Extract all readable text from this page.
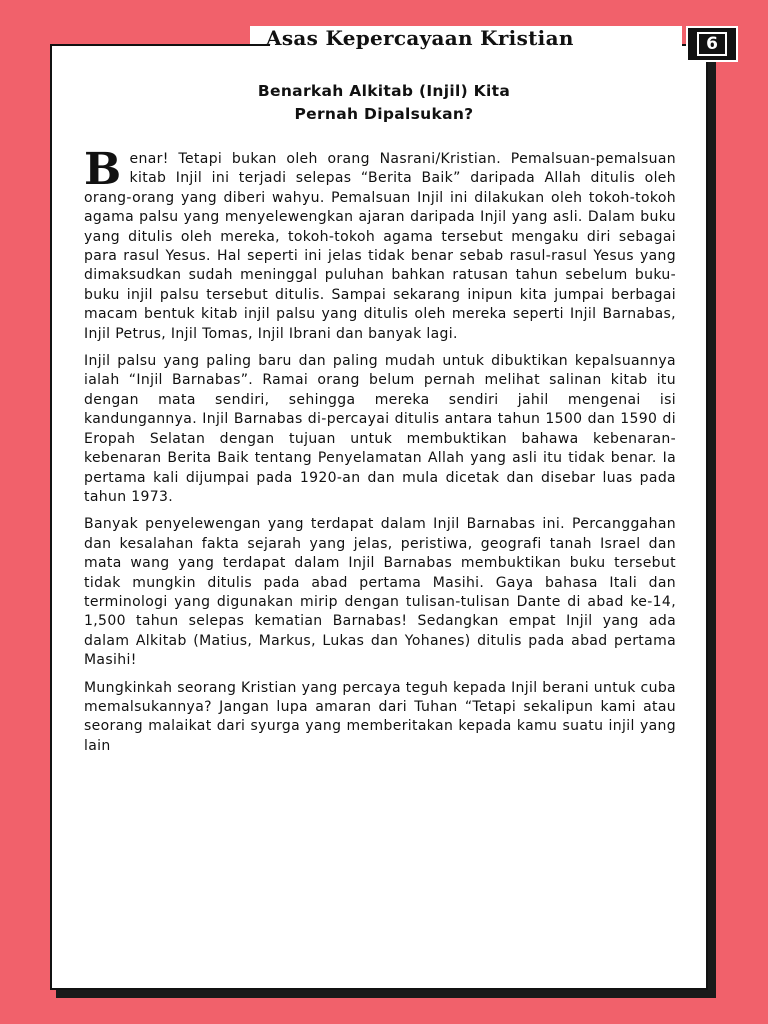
Asas Kepercayaan Kristian	6
Benarkah Alkitab (Injil) Kita
Pernah Dipalsukan?

B enar! Tetapi bukan oleh orang Nasrani/Kristian. Pemalsuan-pemalsuan kitab Injil ini terjadi selepas “Berita Baik” daripada Allah ditulis oleh orang-orang yang diberi wahyu. Pemalsuan Injil ini dilakukan oleh tokoh-tokoh agama palsu yang menyelewengkan ajaran daripada Injil yang asli. Dalam buku yang ditulis oleh mereka, tokoh-tokoh agama tersebut mengaku diri sebagai para rasul Yesus. Hal seperti ini jelas tidak benar sebab rasul-rasul Yesus yang dimaksudkan sudah meninggal puluhan bahkan ratusan tahun sebelum buku-buku injil palsu tersebut ditulis. Sampai sekarang inipun kita jumpai berbagai macam bentuk kitab injil palsu yang ditulis oleh mereka seperti Injil Barnabas, Injil Petrus, Injil Tomas, Injil Ibrani dan banyak lagi.

Injil palsu yang paling baru dan paling mudah untuk dibuktikan kepalsuannya ialah “Injil Barnabas”. Ramai orang belum pernah melihat salinan kitab itu dengan mata sendiri, sehingga mereka sendiri jahil mengenai isi kandungannya. Injil Barnabas di-percayai ditulis antara tahun 1500 dan 1590 di Eropah Selatan dengan tujuan untuk membuktikan bahawa kebenaran-kebenaran Berita Baik tentang Penyelamatan Allah yang asli itu tidak benar. Ia pertama kali dijumpai pada 1920-an dan mula dicetak dan disebar luas pada tahun 1973.

Banyak penyelewengan yang terdapat dalam Injil Barnabas ini. Percanggahan dan kesalahan fakta sejarah yang jelas, peristiwa, geografi tanah Israel dan mata wang yang terdapat dalam Injil Barnabas membuktikan buku tersebut tidak mungkin ditulis pada abad pertama Masihi. Gaya bahasa Itali dan terminologi yang digunakan mirip dengan tulisan-tulisan Dante di abad ke-14, 1,500 tahun selepas kematian Barnabas! Sedangkan empat Injil yang ada dalam Alkitab (Matius, Markus, Lukas dan Yohanes) ditulis pada abad pertama Masihi!

Mungkinkah seorang Kristian yang percaya teguh kepada Injil berani untuk cuba memalsukannya? Jangan lupa amaran dari Tuhan “Tetapi sekalipun kami atau seorang malaikat dari syurga yang memberitakan kepada kamu suatu injil yang lain
